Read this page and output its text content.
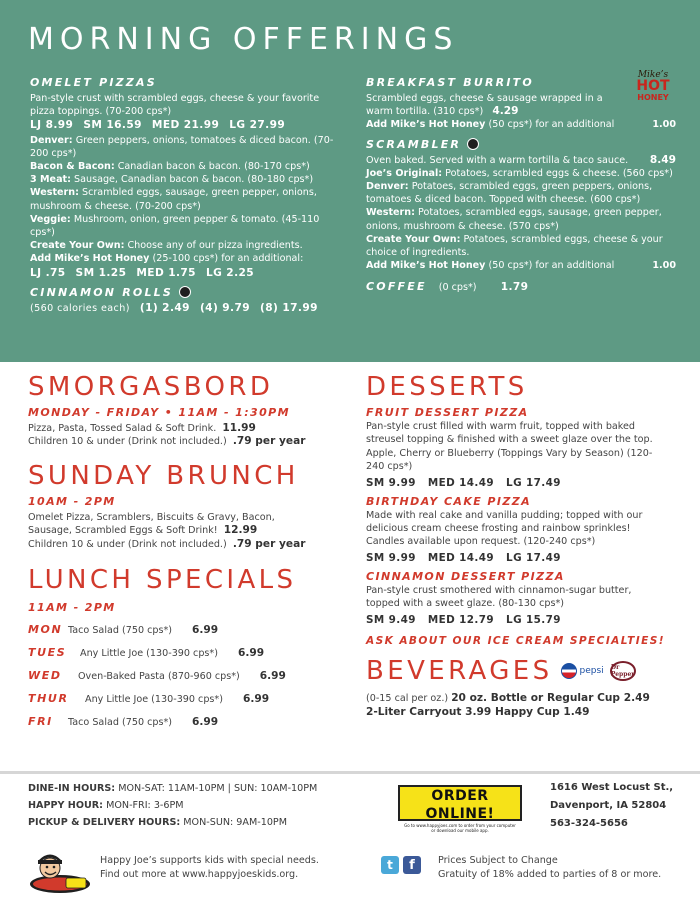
MORNING OFFERINGS
OMELET PIZZAS
Pan-style crust with scrambled eggs, cheese & your favorite pizza toppings. (70-200 cps*)
LJ 8.99 SM 16.59 MED 21.99 LG 27.99
Denver: Green peppers, onions, tomatoes & diced bacon. (70-200 cps*)
Bacon & Bacon: Canadian bacon & bacon. (80-170 cps*)
3 Meat: Sausage, Canadian bacon & bacon. (80-180 cps*)
Western: Scrambled eggs, sausage, green pepper, onions, mushroom & cheese. (70-200 cps*)
Veggie: Mushroom, onion, green pepper & tomato. (45-110 cps*)
Create Your Own: Choose any of our pizza ingredients.
Add Mike’s Hot Honey (25-100 cps*) for an additional:
LJ .75 SM 1.25 MED 1.75 LG 2.25
CINNAMON ROLLS
(560 calories each) (1) 2.49 (4) 9.79 (8) 17.99
BREAKFAST BURRITO
Scrambled eggs, cheese & sausage wrapped in a warm tortilla. (310 cps*) 4.29
Add Mike’s Hot Honey (50 cps*) for an additional	1.00
SCRAMBLER
Oven baked. Served with a warm tortilla & taco sauce. 8.49
Joe’s Original: Potatoes, scrambled eggs & cheese. (560 cps*)
Denver: Potatoes, scrambled eggs, green peppers, onions, tomatoes & diced bacon. Topped with cheese. (600 cps*)
Western: Potatoes, scrambled eggs, sausage, green pepper, onions, mushroom & cheese. (570 cps*)
Create Your Own: Potatoes, scrambled eggs, cheese & your choice of ingredients.
Add Mike’s Hot Honey (50 cps*) for an additional	1.00
COFFEE (0 cps*) 1.79
Mike’s
HOT
HONEY
SMORGASBORD
MONDAY - FRIDAY • 11AM - 1:30PM
Pizza, Pasta, Tossed Salad & Soft Drink. 11.99
Children 10 & under (Drink not included.) .79 per year
SUNDAY BRUNCH
10AM - 2PM
Omelet Pizza, Scramblers, Biscuits & Gravy, Bacon, Sausage, Scrambled Eggs & Soft Drink! 12.99
Children 10 & under (Drink not included.) .79 per year
LUNCH SPECIALS
11AM - 2PM
MON Taco Salad (750 cps*) 6.99
TUES	Any Little Joe (130-390 cps*) 6.99
WED	Oven-Baked Pasta (870-960 cps*) 6.99
THUR	Any Little Joe (130-390 cps*) 6.99
FRI	Taco Salad (750 cps*) 6.99
DESSERTS
FRUIT DESSERT PIZZA
Pan-style crust filled with warm fruit, topped with baked streusel topping & finished with a sweet glaze over the top. Apple, Cherry or Blueberry (Toppings Vary by Season) (120-240 cps*)
SM 9.99 MED 14.49 LG 17.49
BIRTHDAY CAKE PIZZA
Made with real cake and vanilla pudding; topped with our delicious cream cheese frosting and rainbow sprinkles! Candles available upon request. (120-240 cps*)
SM 9.99 MED 14.49 LG 17.49
CINNAMON DESSERT PIZZA
Pan-style crust smothered with cinnamon-sugar butter, topped with a sweet glaze. (80-130 cps*)
SM 9.49 MED 12.79 LG 15.79
ASK ABOUT OUR ICE CREAM SPECIALTIES!
BEVERAGES	pepsi Dr Pepper
(0-15 cal per oz.) 20 oz. Bottle or Regular Cup 2.49
2-Liter Carryout 3.99 Happy Cup 1.49
DINE-IN HOURS: MON-SAT: 11AM-10PM | SUN: 10AM-10PM
HAPPY HOUR: MON-FRI: 3-6PM
PICKUP & DELIVERY HOURS: MON-SUN: 9AM-10PM
ORDER ONLINE!
Go to www.happyjoes.com to order from your computer or download our mobile app.
1616 West Locust St.,
Davenport, IA 52804
563-324-5656
Happy Joe’s supports kids with special needs.
Find out more at www.happyjoeskids.org.
t	f	Prices Subject to Change
Gratuity of 18% added to parties of 8 or more.
